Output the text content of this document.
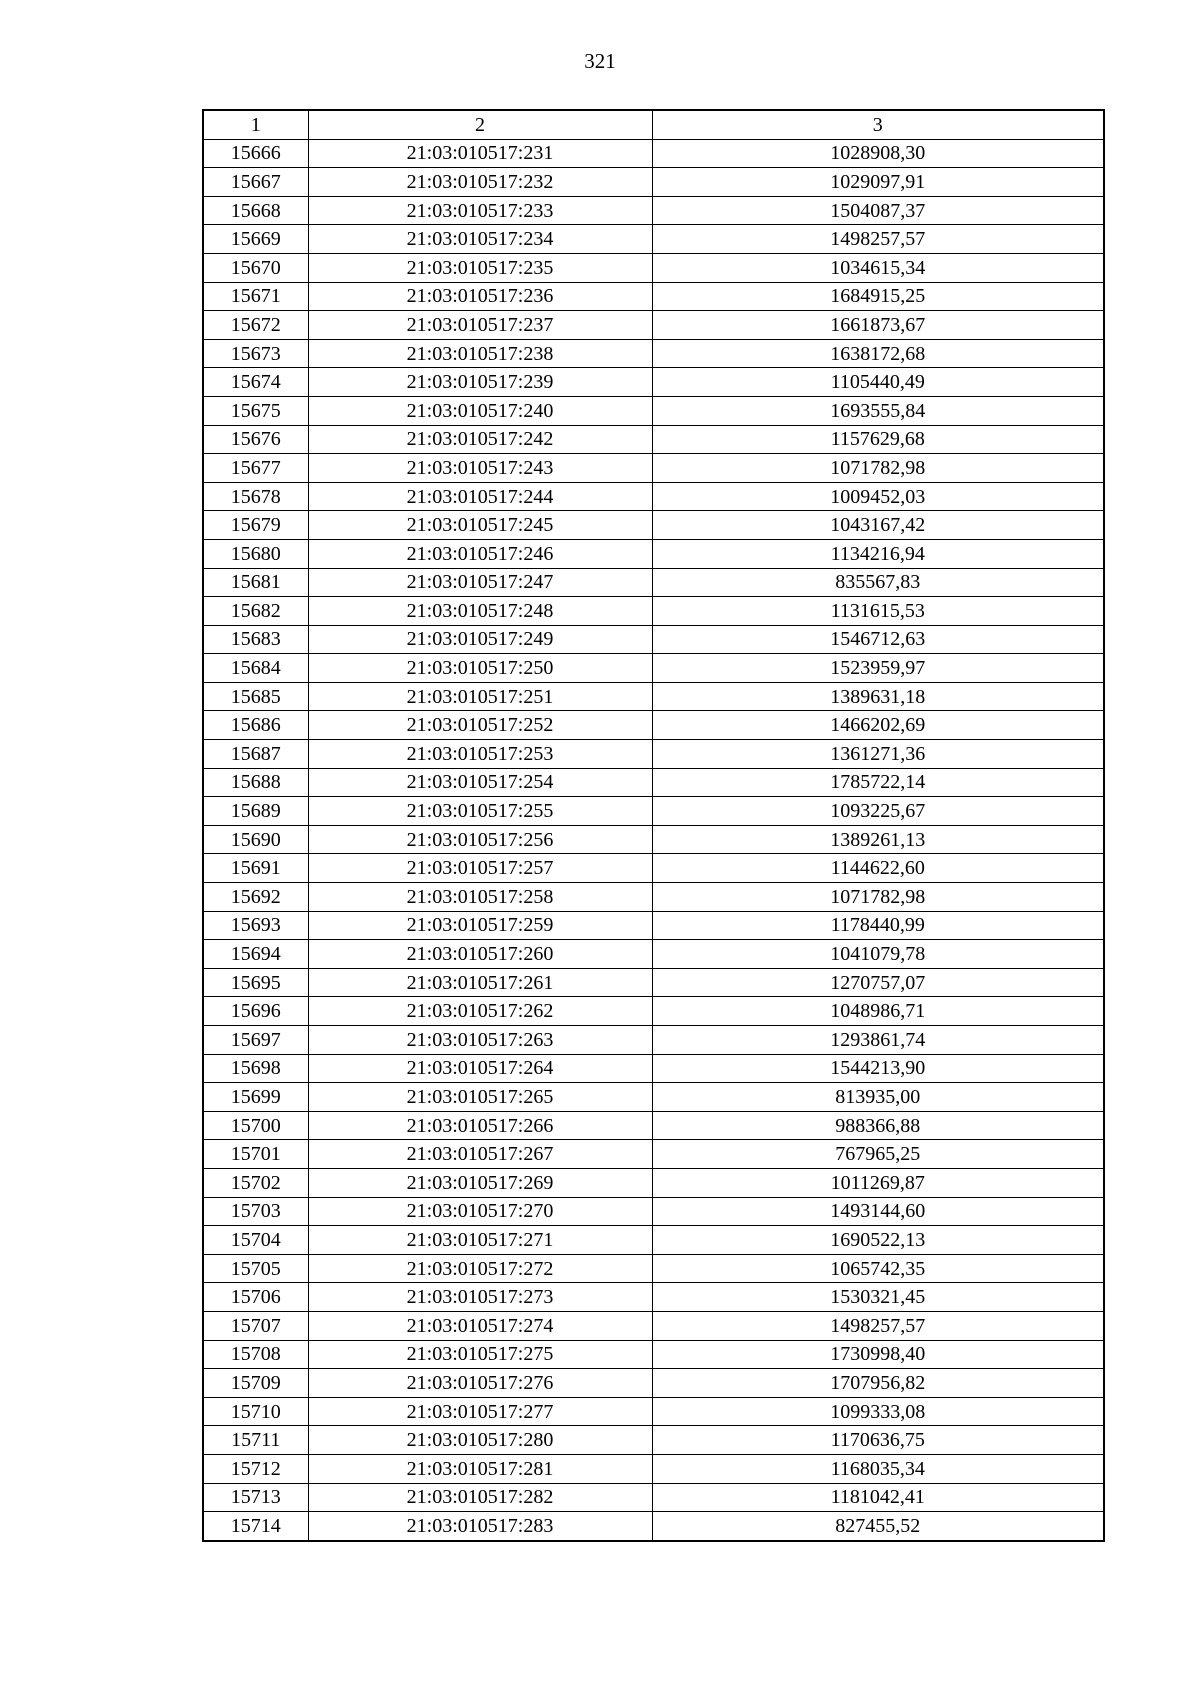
321
1	2	3
15666	21:03:010517:231	1028908,30
15667	21:03:010517:232	1029097,91
15668	21:03:010517:233	1504087,37
15669	21:03:010517:234	1498257,57
15670	21:03:010517:235	1034615,34
15671	21:03:010517:236	1684915,25
15672	21:03:010517:237	1661873,67
15673	21:03:010517:238	1638172,68
15674	21:03:010517:239	1105440,49
15675	21:03:010517:240	1693555,84
15676	21:03:010517:242	1157629,68
15677	21:03:010517:243	1071782,98
15678	21:03:010517:244	1009452,03
15679	21:03:010517:245	1043167,42
15680	21:03:010517:246	1134216,94
15681	21:03:010517:247	835567,83
15682	21:03:010517:248	1131615,53
15683	21:03:010517:249	1546712,63
15684	21:03:010517:250	1523959,97
15685	21:03:010517:251	1389631,18
15686	21:03:010517:252	1466202,69
15687	21:03:010517:253	1361271,36
15688	21:03:010517:254	1785722,14
15689	21:03:010517:255	1093225,67
15690	21:03:010517:256	1389261,13
15691	21:03:010517:257	1144622,60
15692	21:03:010517:258	1071782,98
15693	21:03:010517:259	1178440,99
15694	21:03:010517:260	1041079,78
15695	21:03:010517:261	1270757,07
15696	21:03:010517:262	1048986,71
15697	21:03:010517:263	1293861,74
15698	21:03:010517:264	1544213,90
15699	21:03:010517:265	813935,00
15700	21:03:010517:266	988366,88
15701	21:03:010517:267	767965,25
15702	21:03:010517:269	1011269,87
15703	21:03:010517:270	1493144,60
15704	21:03:010517:271	1690522,13
15705	21:03:010517:272	1065742,35
15706	21:03:010517:273	1530321,45
15707	21:03:010517:274	1498257,57
15708	21:03:010517:275	1730998,40
15709	21:03:010517:276	1707956,82
15710	21:03:010517:277	1099333,08
15711	21:03:010517:280	1170636,75
15712	21:03:010517:281	1168035,34
15713	21:03:010517:282	1181042,41
15714	21:03:010517:283	827455,52
